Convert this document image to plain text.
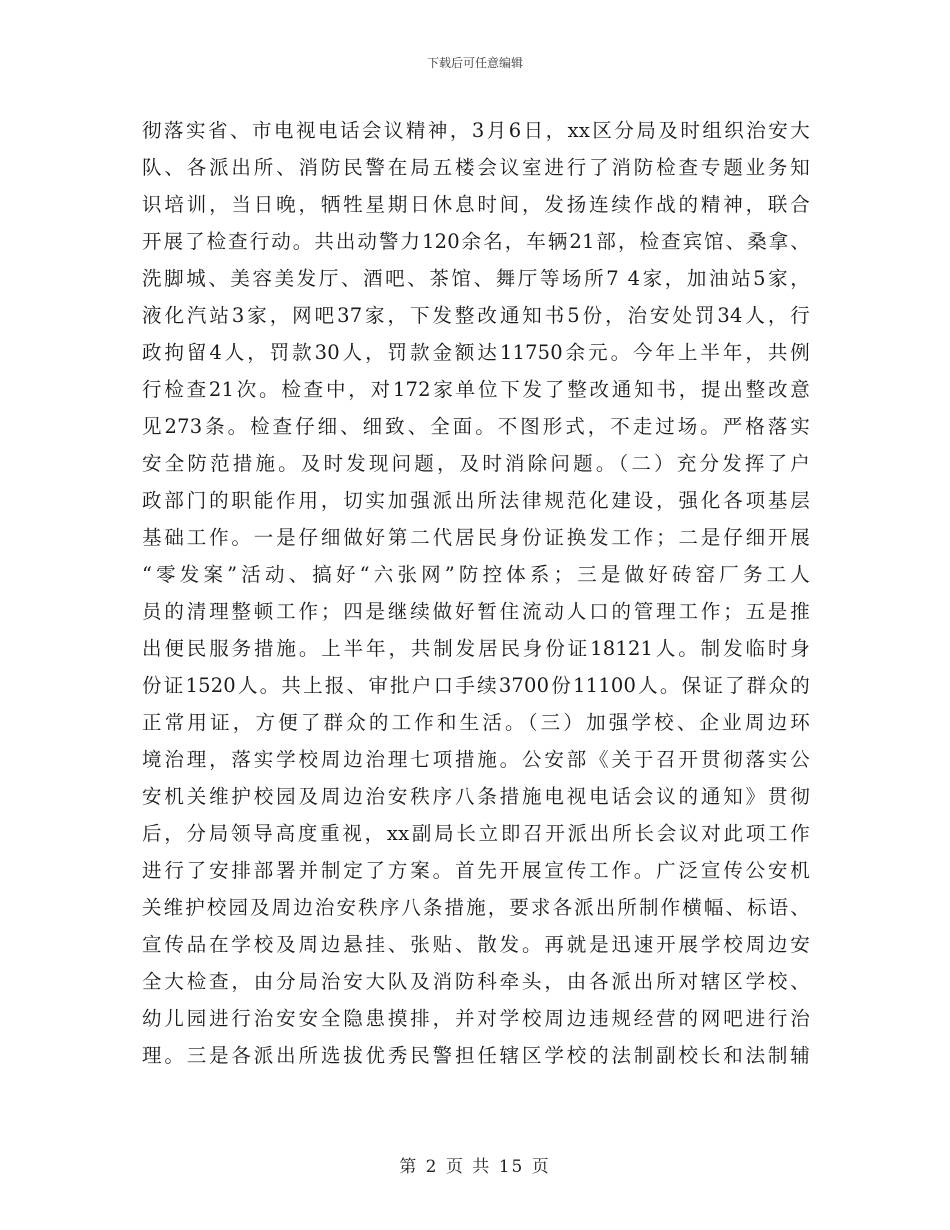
下载后可任意编辑
彻落实省、市电视电话会议精神，3月6日，xx区分局及时组织治安大
队、各派出所、消防民警在局五楼会议室进行了消防检查专题业务知
识培训，当日晚，牺牲星期日休息时间，发扬连续作战的精神，联合
开展了检查行动。共出动警力120余名，车辆21部，检查宾馆、桑拿、
洗脚城、美容美发厅、酒吧、茶馆、舞厅等场所7 4家，加油站5家，
液化汽站3家，网吧37家，下发整改通知书5份，治安处罚34人，行
政拘留4人，罚款30人，罚款金额达11750余元。今年上半年，共例
行检查21次。检查中，对172家单位下发了整改通知书，提出整改意
见273条。检查仔细、细致、全面。不图形式，不走过场。严格落实
安全防范措施。及时发现问题，及时消除问题。（二）充分发挥了户
政部门的职能作用，切实加强派出所法律规范化建设，强化各项基层
基础工作。一是仔细做好第二代居民身份证换发工作；二是仔细开展
“零发案”活动、搞好“六张网”防控体系；三是做好砖窑厂务工人
员的清理整顿工作；四是继续做好暂住流动人口的管理工作；五是推
出便民服务措施。上半年，共制发居民身份证18121人。制发临时身
份证1520人。共上报、审批户口手续3700份11100人。保证了群众的
正常用证，方便了群众的工作和生活。（三）加强学校、企业周边环
境治理，落实学校周边治理七项措施。公安部《关于召开贯彻落实公
安机关维护校园及周边治安秩序八条措施电视电话会议的通知》贯彻
后，分局领导高度重视，xx副局长立即召开派出所长会议对此项工作
进行了安排部署并制定了方案。首先开展宣传工作。广泛宣传公安机
关维护校园及周边治安秩序八条措施，要求各派出所制作横幅、标语、
宣传品在学校及周边悬挂、张贴、散发。再就是迅速开展学校周边安
全大检查，由分局治安大队及消防科牵头，由各派出所对辖区学校、
幼儿园进行治安安全隐患摸排，并对学校周边违规经营的网吧进行治
理。三是各派出所选拔优秀民警担任辖区学校的法制副校长和法制辅
第 2 页 共 15 页
